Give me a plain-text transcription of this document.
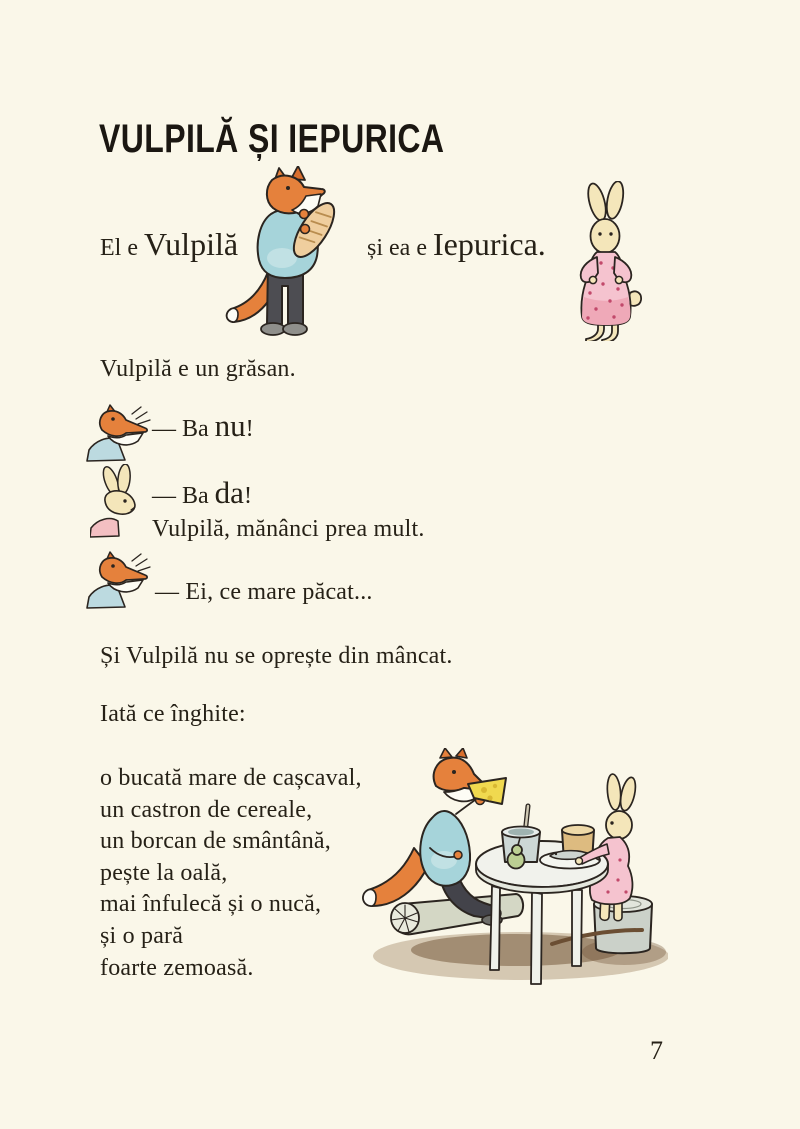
VULPILĂ ȘI IEPURICA
El e Vulpilă	și ea e Iepurica.
Vulpilă e un grăsan.
— Ba nu!
— Ba da!
Vulpilă, mănânci prea mult.
— Ei, ce mare păcat...
Și Vulpilă nu se oprește din mâncat.
Iată ce înghite:
o bucată mare de cașcaval,
un castron de cereale,
un borcan de smântână,
pește la oală,
mai înfulecă și o nucă,
și o pară
foarte zemoasă.
7
